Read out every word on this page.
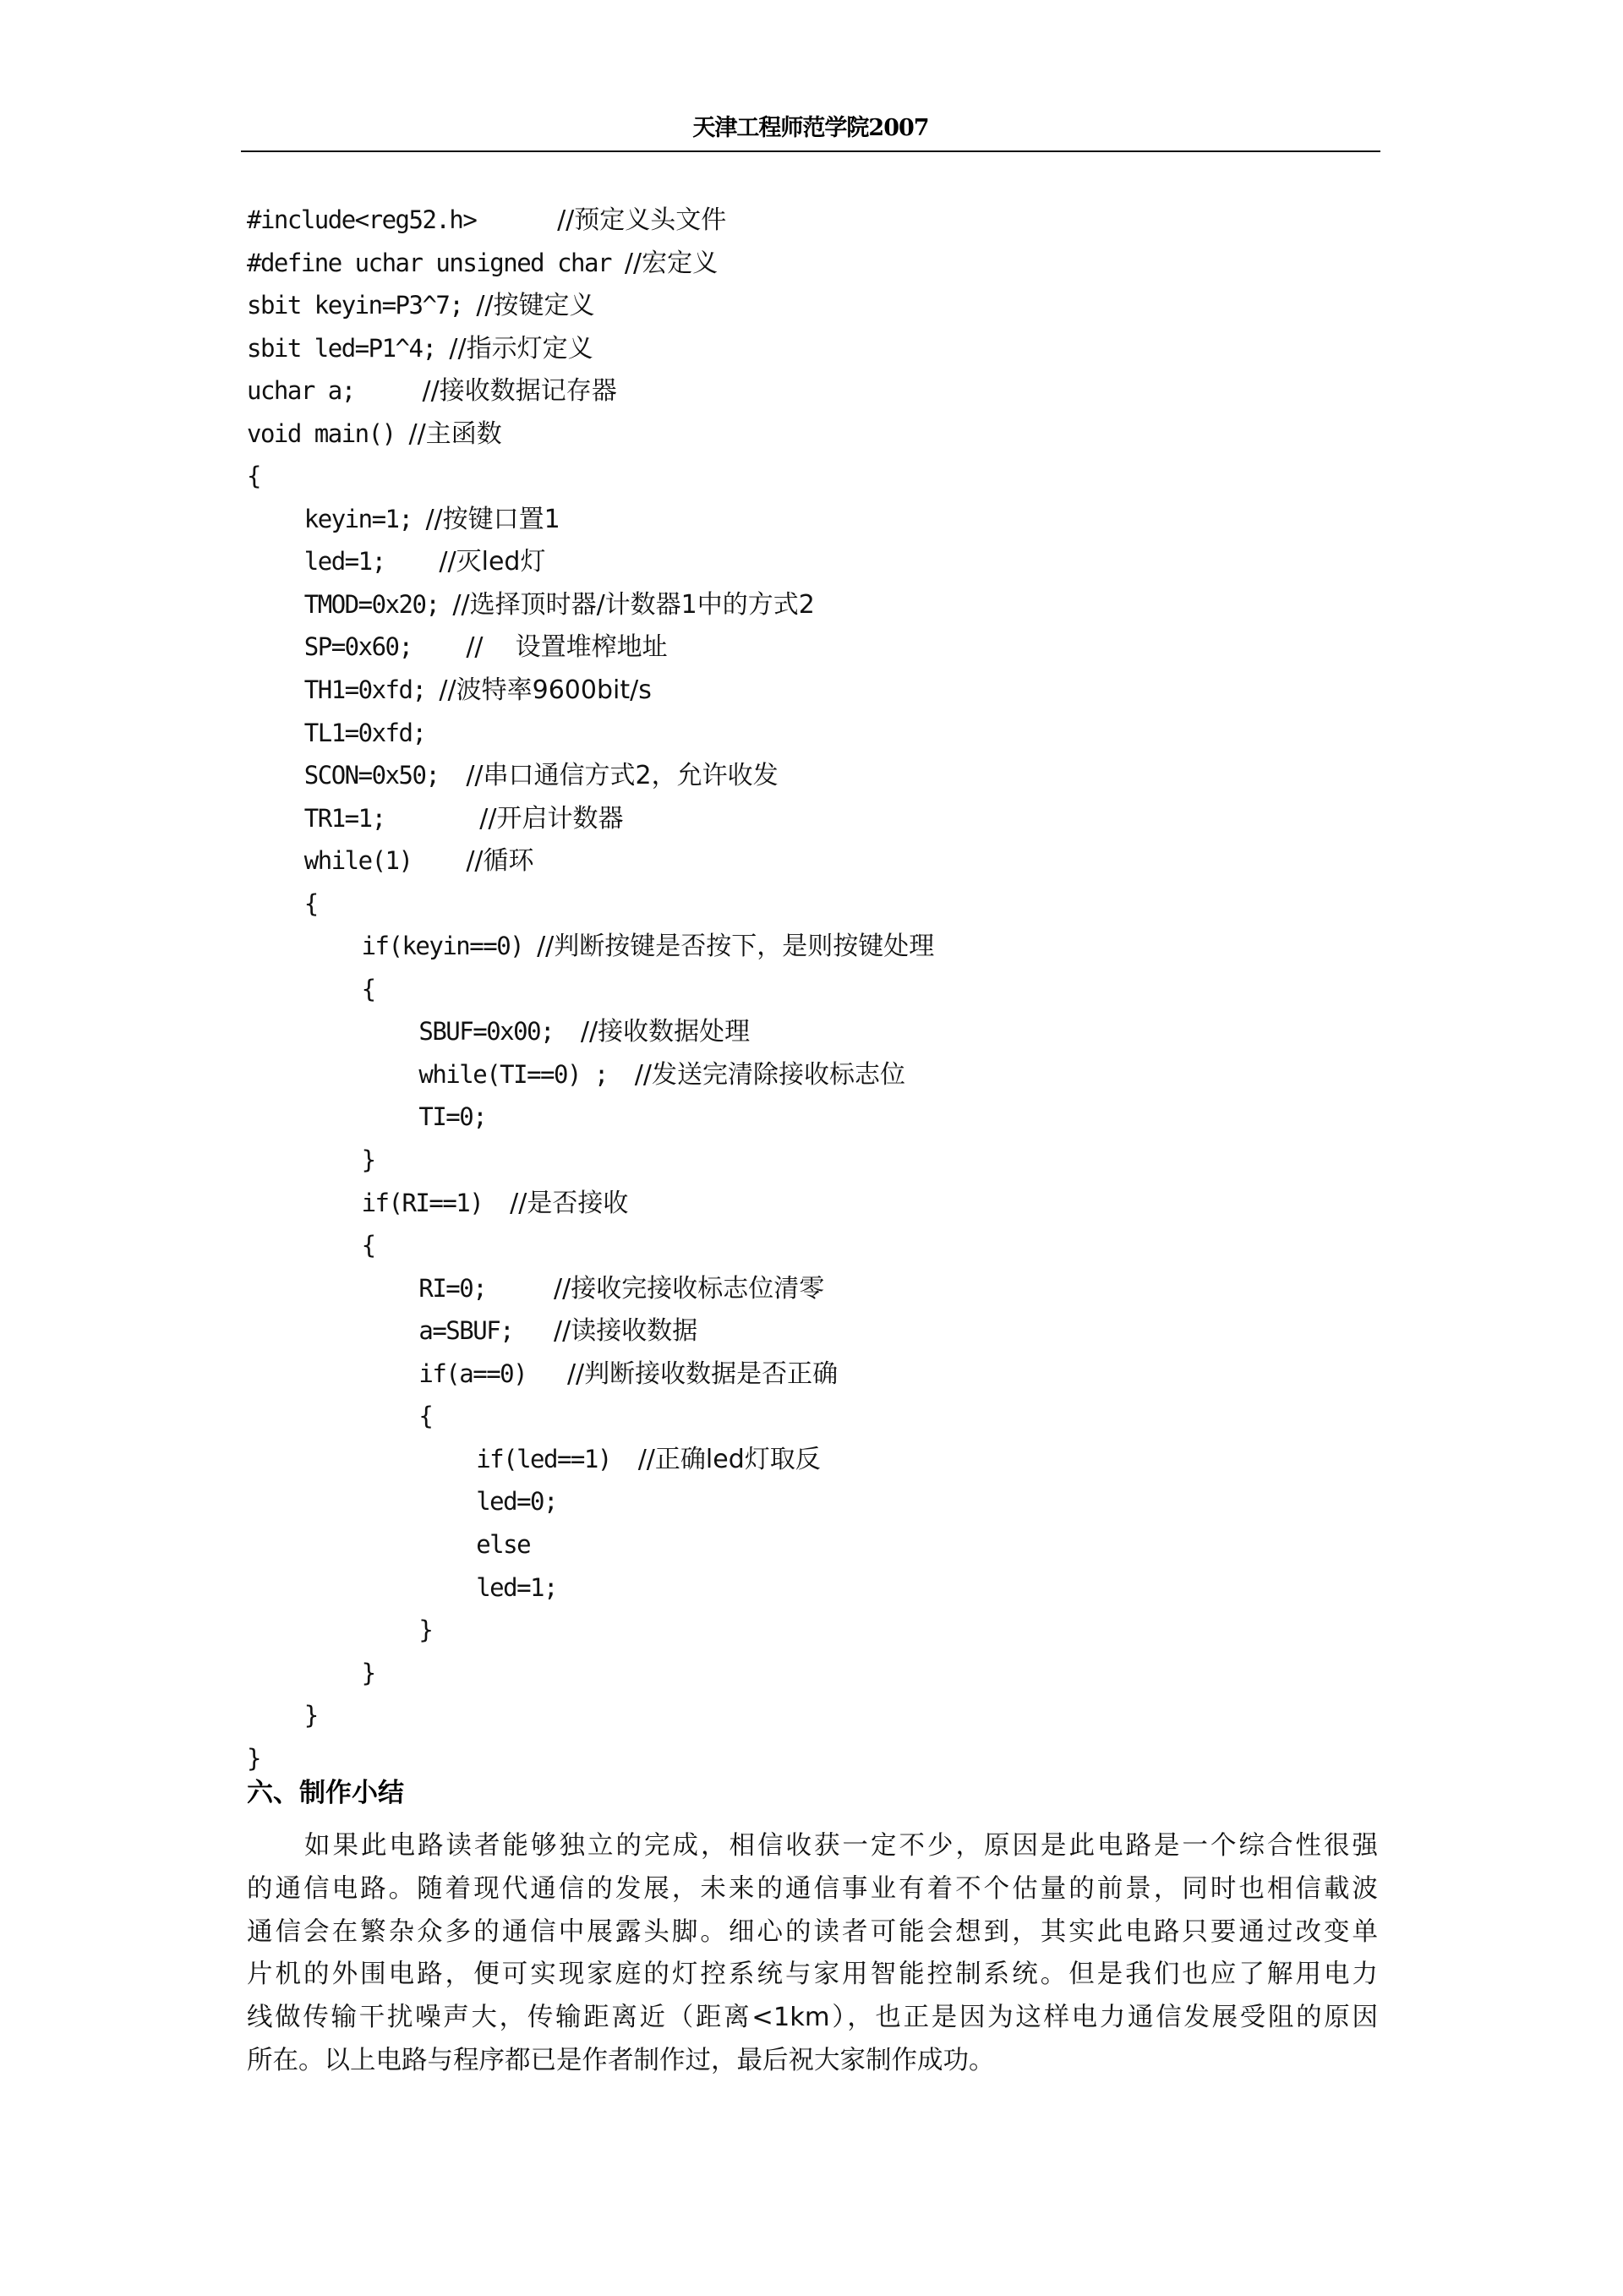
天津工程师范学院2007
#include<reg52.h>      //预定义头文件
#define uchar unsigned char //宏定义
sbit keyin=P3^7; //按键定义
sbit led=P1^4; //指示灯定义
uchar a;     //接收数据记存器
void main() //主函数
{
keyin=1; //按键口置1
led=1;    //灭led灯
TMOD=0x20; //选择顶时器/计数器1中的方式2
SP=0x60;    //    设置堆榨地址
TH1=0xfd; //波特率9600bit/s
TL1=0xfd;
SCON=0x50;  //串口通信方式2，允许收发
TR1=1;       //开启计数器
while(1)    //循环
{
if(keyin==0) //判断按键是否按下，是则按键处理
{
SBUF=0x00;  //接收数据处理
while(TI==0) ;  //发送完清除接收标志位
TI=0;
}
if(RI==1)  //是否接收
{
RI=0;     //接收完接收标志位清零
a=SBUF;   //读接收数据
if(a==0)   //判断接收数据是否正确
{
if(led==1)  //正确led灯取反
led=0;
else
led=1;
}
}
}
}
六、制作小结
如果此电路读者能够独立的完成，相信收获一定不少，原因是此电路是一个综合性很强
的通信电路。随着现代通信的发展，未来的通信事业有着不个估量的前景，同时也相信載波
通信会在繁杂众多的通信中展露头脚。细心的读者可能会想到，其实此电路只要通过改变单
片机的外围电路，便可实现家庭的灯控系统与家用智能控制系统。但是我们也应了解用电力
线做传输干扰噪声大，传输距离近（距离<1km），也正是因为这样电力通信发展受阻的原因
所在。以上电路与程序都已是作者制作过，最后祝大家制作成功。
